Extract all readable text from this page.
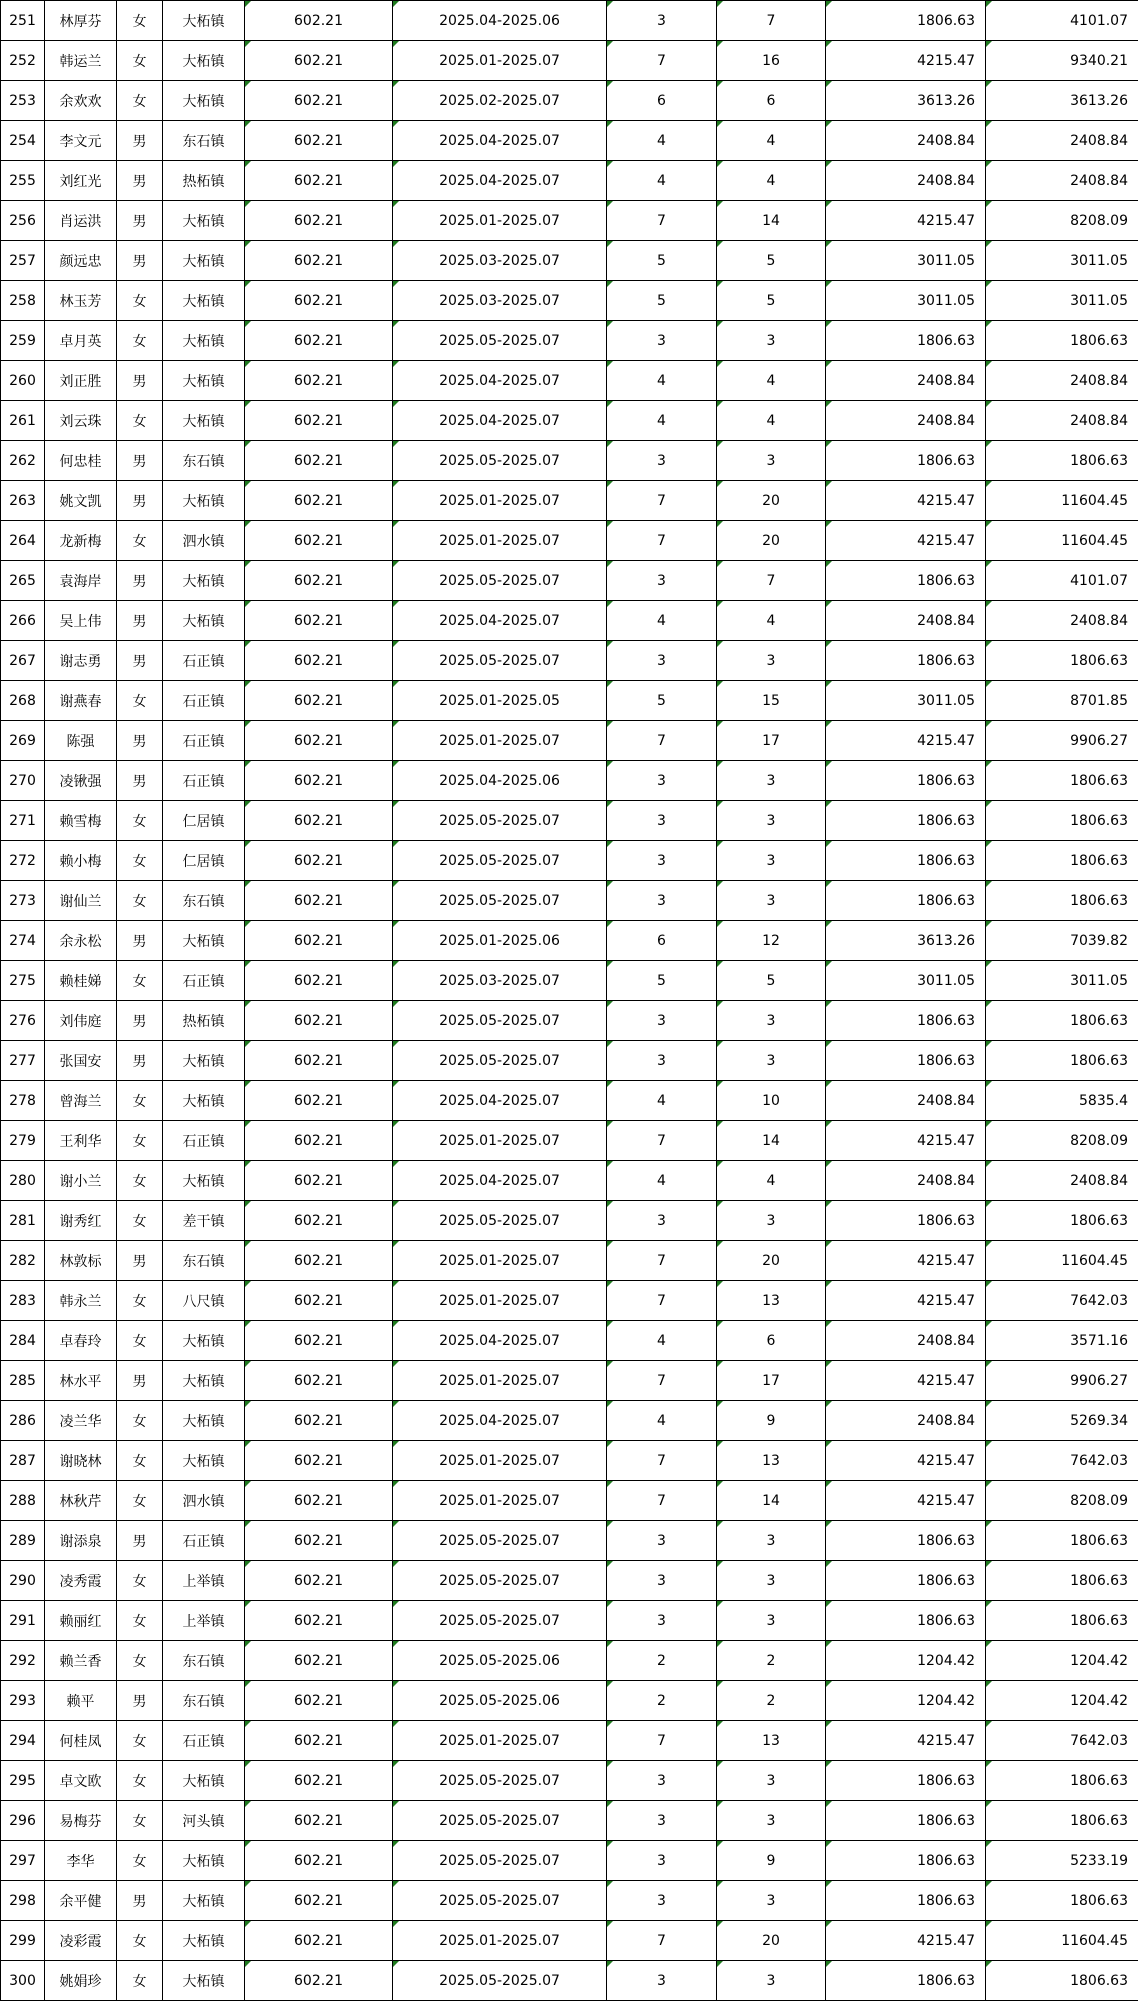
251	林厚芬	女	大柘镇	602.21	2025.04-2025.06	3	7	1806.63	4101.07
252	韩运兰	女	大柘镇	602.21	2025.01-2025.07	7	16	4215.47	9340.21
253	余欢欢	女	大柘镇	602.21	2025.02-2025.07	6	6	3613.26	3613.26
254	李文元	男	东石镇	602.21	2025.04-2025.07	4	4	2408.84	2408.84
255	刘红光	男	热柘镇	602.21	2025.04-2025.07	4	4	2408.84	2408.84
256	肖运洪	男	大柘镇	602.21	2025.01-2025.07	7	14	4215.47	8208.09
257	颜远忠	男	大柘镇	602.21	2025.03-2025.07	5	5	3011.05	3011.05
258	林玉芳	女	大柘镇	602.21	2025.03-2025.07	5	5	3011.05	3011.05
259	卓月英	女	大柘镇	602.21	2025.05-2025.07	3	3	1806.63	1806.63
260	刘正胜	男	大柘镇	602.21	2025.04-2025.07	4	4	2408.84	2408.84
261	刘云珠	女	大柘镇	602.21	2025.04-2025.07	4	4	2408.84	2408.84
262	何忠桂	男	东石镇	602.21	2025.05-2025.07	3	3	1806.63	1806.63
263	姚文凯	男	大柘镇	602.21	2025.01-2025.07	7	20	4215.47	11604.45
264	龙新梅	女	泗水镇	602.21	2025.01-2025.07	7	20	4215.47	11604.45
265	袁海岸	男	大柘镇	602.21	2025.05-2025.07	3	7	1806.63	4101.07
266	吴上伟	男	大柘镇	602.21	2025.04-2025.07	4	4	2408.84	2408.84
267	谢志勇	男	石正镇	602.21	2025.05-2025.07	3	3	1806.63	1806.63
268	谢燕春	女	石正镇	602.21	2025.01-2025.05	5	15	3011.05	8701.85
269	陈强	男	石正镇	602.21	2025.01-2025.07	7	17	4215.47	9906.27
270	凌锹强	男	石正镇	602.21	2025.04-2025.06	3	3	1806.63	1806.63
271	赖雪梅	女	仁居镇	602.21	2025.05-2025.07	3	3	1806.63	1806.63
272	赖小梅	女	仁居镇	602.21	2025.05-2025.07	3	3	1806.63	1806.63
273	谢仙兰	女	东石镇	602.21	2025.05-2025.07	3	3	1806.63	1806.63
274	余永松	男	大柘镇	602.21	2025.01-2025.06	6	12	3613.26	7039.82
275	赖桂娣	女	石正镇	602.21	2025.03-2025.07	5	5	3011.05	3011.05
276	刘伟庭	男	热柘镇	602.21	2025.05-2025.07	3	3	1806.63	1806.63
277	张国安	男	大柘镇	602.21	2025.05-2025.07	3	3	1806.63	1806.63
278	曾海兰	女	大柘镇	602.21	2025.04-2025.07	4	10	2408.84	5835.4
279	王利华	女	石正镇	602.21	2025.01-2025.07	7	14	4215.47	8208.09
280	谢小兰	女	大柘镇	602.21	2025.04-2025.07	4	4	2408.84	2408.84
281	谢秀红	女	差干镇	602.21	2025.05-2025.07	3	3	1806.63	1806.63
282	林敦标	男	东石镇	602.21	2025.01-2025.07	7	20	4215.47	11604.45
283	韩永兰	女	八尺镇	602.21	2025.01-2025.07	7	13	4215.47	7642.03
284	卓春玲	女	大柘镇	602.21	2025.04-2025.07	4	6	2408.84	3571.16
285	林水平	男	大柘镇	602.21	2025.01-2025.07	7	17	4215.47	9906.27
286	凌兰华	女	大柘镇	602.21	2025.04-2025.07	4	9	2408.84	5269.34
287	谢晓林	女	大柘镇	602.21	2025.01-2025.07	7	13	4215.47	7642.03
288	林秋芹	女	泗水镇	602.21	2025.01-2025.07	7	14	4215.47	8208.09
289	谢添泉	男	石正镇	602.21	2025.05-2025.07	3	3	1806.63	1806.63
290	凌秀霞	女	上举镇	602.21	2025.05-2025.07	3	3	1806.63	1806.63
291	赖丽红	女	上举镇	602.21	2025.05-2025.07	3	3	1806.63	1806.63
292	赖兰香	女	东石镇	602.21	2025.05-2025.06	2	2	1204.42	1204.42
293	赖平	男	东石镇	602.21	2025.05-2025.06	2	2	1204.42	1204.42
294	何桂凤	女	石正镇	602.21	2025.01-2025.07	7	13	4215.47	7642.03
295	卓文欧	女	大柘镇	602.21	2025.05-2025.07	3	3	1806.63	1806.63
296	易梅芬	女	河头镇	602.21	2025.05-2025.07	3	3	1806.63	1806.63
297	李华	女	大柘镇	602.21	2025.05-2025.07	3	9	1806.63	5233.19
298	余平健	男	大柘镇	602.21	2025.05-2025.07	3	3	1806.63	1806.63
299	凌彩霞	女	大柘镇	602.21	2025.01-2025.07	7	20	4215.47	11604.45
300	姚娟珍	女	大柘镇	602.21	2025.05-2025.07	3	3	1806.63	1806.63
